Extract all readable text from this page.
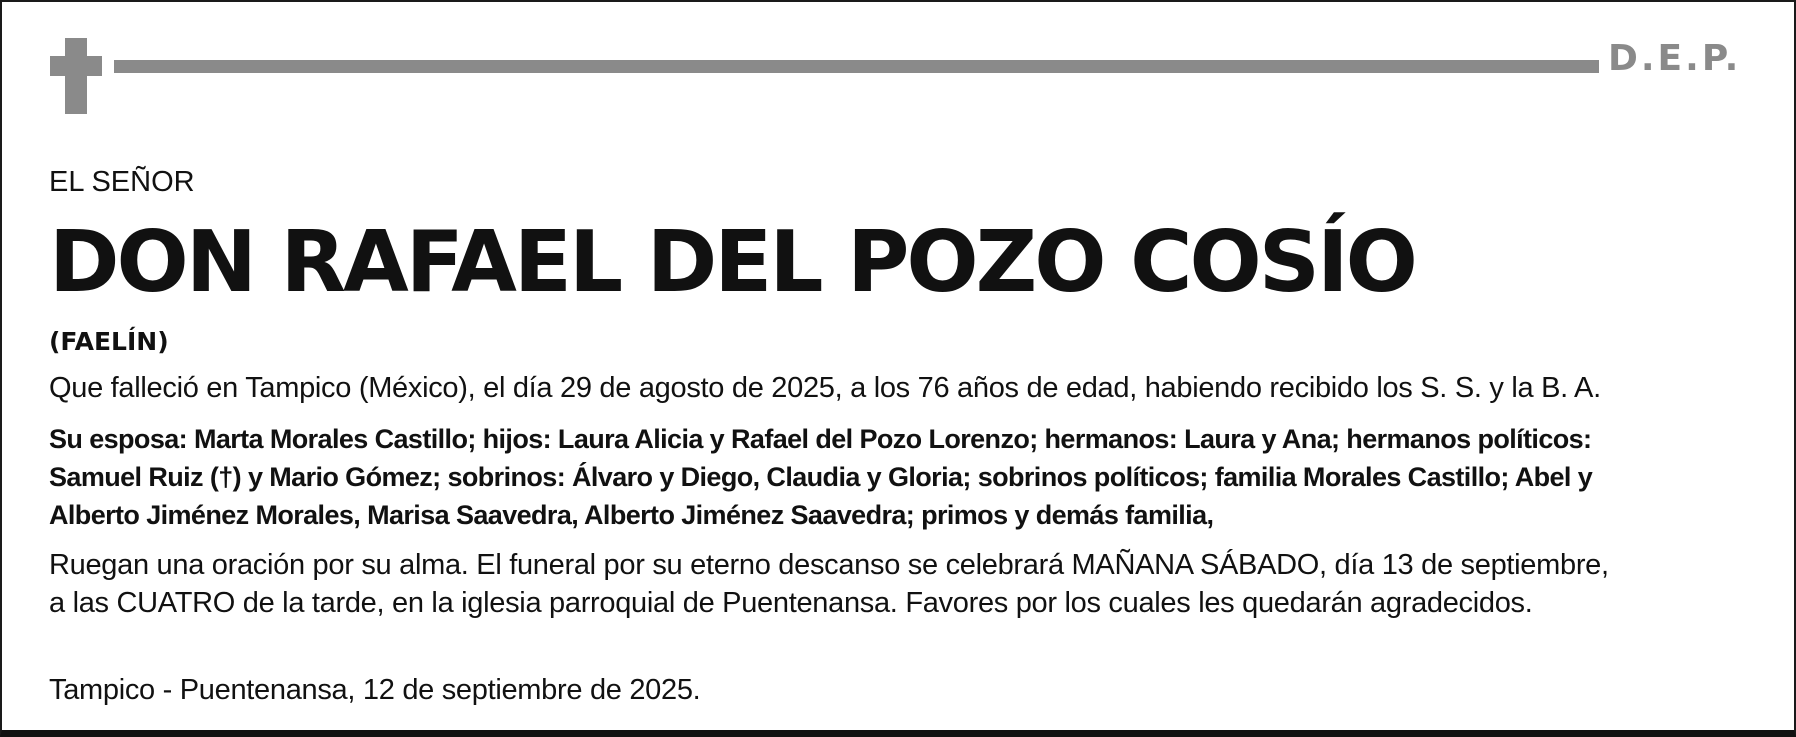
D.E.P.
EL SEÑOR
DON RAFAEL DEL POZO COSÍO
(FAELÍN)
Que falleció en Tampico (México), el día 29 de agosto de 2025, a los 76 años de edad, habiendo recibido los S. S. y la B. A.
Su esposa: Marta Morales Castillo; hijos: Laura Alicia y Rafael del Pozo Lorenzo; hermanos: Laura y Ana; hermanos políticos:
Samuel Ruiz (†) y Mario Gómez; sobrinos: Álvaro y Diego, Claudia y Gloria; sobrinos políticos; familia Morales Castillo; Abel y
Alberto Jiménez Morales, Marisa Saavedra, Alberto Jiménez Saavedra; primos y demás familia,
Ruegan una oración por su alma. El funeral por su eterno descanso se celebrará MAÑANA SÁBADO, día 13 de septiembre,
a las CUATRO de la tarde, en la iglesia parroquial de Puentenansa. Favores por los cuales les quedarán agradecidos.
Tampico - Puentenansa, 12 de septiembre de 2025.
